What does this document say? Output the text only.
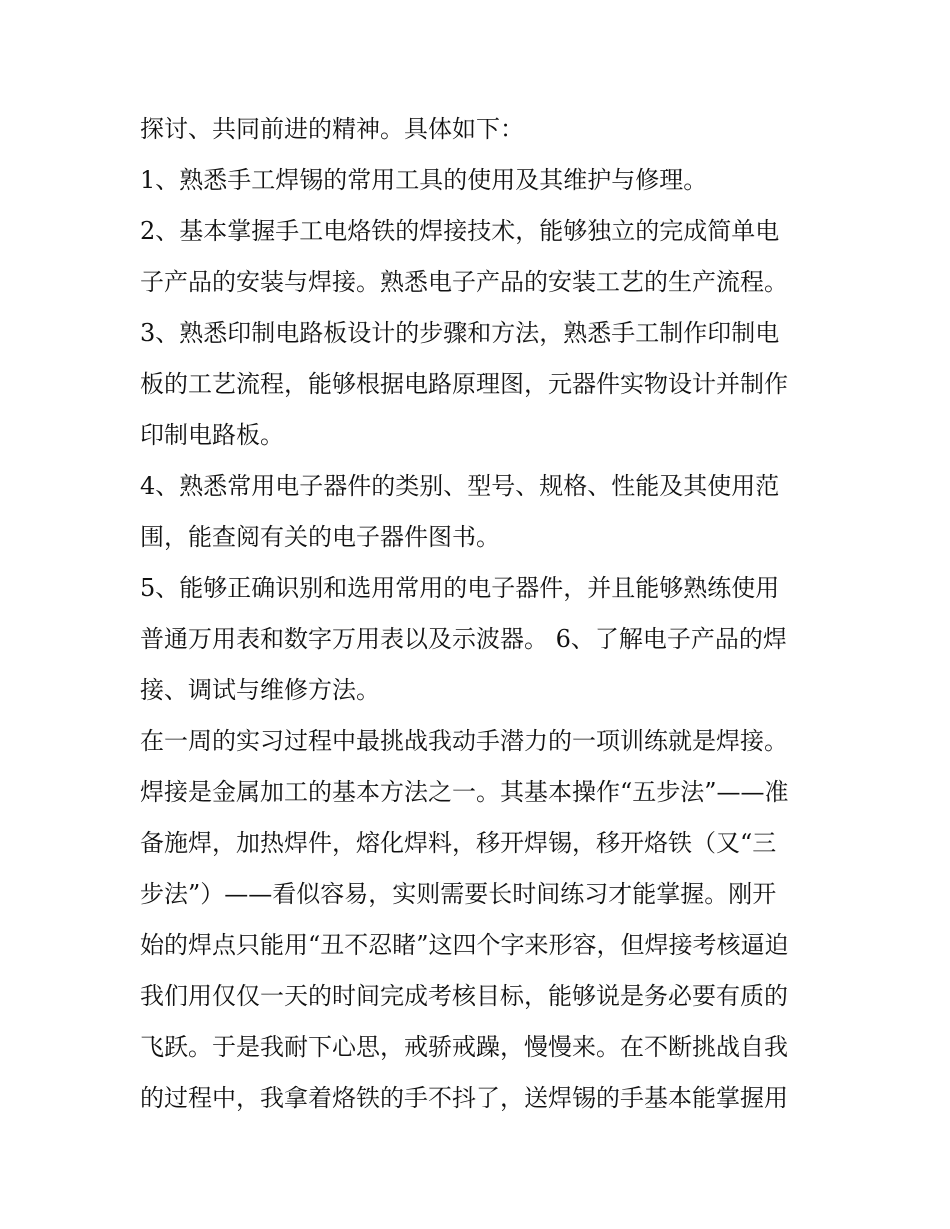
探讨、共同前进的精神。具体如下：
1、熟悉手工焊锡的常用工具的使用及其维护与修理。
2、基本掌握手工电烙铁的焊接技术，能够独立的完成简单电
子产品的安装与焊接。熟悉电子产品的安装工艺的生产流程。
3、熟悉印制电路板设计的步骤和方法，熟悉手工制作印制电
板的工艺流程，能够根据电路原理图，元器件实物设计并制作
印制电路板。
4、熟悉常用电子器件的类别、型号、规格、性能及其使用范
围，能查阅有关的电子器件图书。
5、能够正确识别和选用常用的电子器件，并且能够熟练使用
普通万用表和数字万用表以及示波器。 6、了解电子产品的焊
接、调试与维修方法。
在一周的实习过程中最挑战我动手潜力的一项训练就是焊接。
焊接是金属加工的基本方法之一。其基本操作“五步法”——准
备施焊，加热焊件，熔化焊料，移开焊锡，移开烙铁（又“三
步法”）——看似容易，实则需要长时间练习才能掌握。刚开
始的焊点只能用“丑不忍睹”这四个字来形容，但焊接考核逼迫
我们用仅仅一天的时间完成考核目标，能够说是务必要有质的
飞跃。于是我耐下心思，戒骄戒躁，慢慢来。在不断挑战自我
的过程中，我拿着烙铁的手不抖了，送焊锡的手基本能掌握用
